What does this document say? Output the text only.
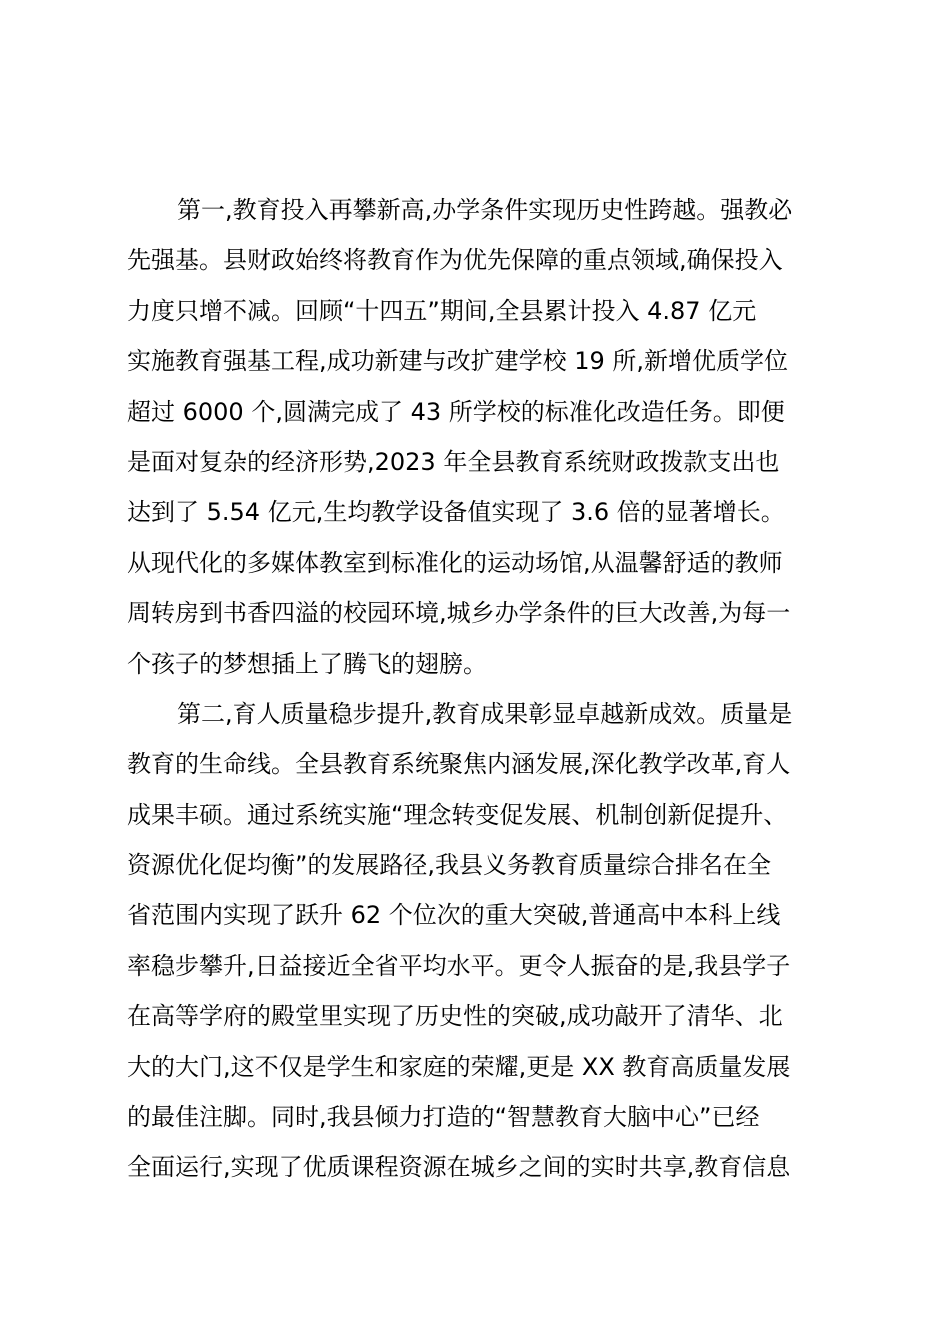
第一,教育投入再攀新高,办学条件实现历史性跨越。强教必
先强基。县财政始终将教育作为优先保障的重点领域,确保投入
力度只增不减。回顾“十四五”期间,全县累计投入 4.87 亿元
实施教育强基工程,成功新建与改扩建学校 19 所,新增优质学位
超过 6000 个,圆满完成了 43 所学校的标准化改造任务。即便
是面对复杂的经济形势,2023 年全县教育系统财政拨款支出也
达到了 5.54 亿元,生均教学设备值实现了 3.6 倍的显著增长。
从现代化的多媒体教室到标准化的运动场馆,从温馨舒适的教师
周转房到书香四溢的校园环境,城乡办学条件的巨大改善,为每一
个孩子的梦想插上了腾飞的翅膀。
第二,育人质量稳步提升,教育成果彰显卓越新成效。质量是
教育的生命线。全县教育系统聚焦内涵发展,深化教学改革,育人
成果丰硕。通过系统实施“理念转变促发展、机制创新促提升、
资源优化促均衡”的发展路径,我县义务教育质量综合排名在全
省范围内实现了跃升 62 个位次的重大突破,普通高中本科上线
率稳步攀升,日益接近全省平均水平。更令人振奋的是,我县学子
在高等学府的殿堂里实现了历史性的突破,成功敲开了清华、北
大的大门,这不仅是学生和家庭的荣耀,更是 XX 教育高质量发展
的最佳注脚。同时,我县倾力打造的“智慧教育大脑中心”已经
全面运行,实现了优质课程资源在城乡之间的实时共享,教育信息
